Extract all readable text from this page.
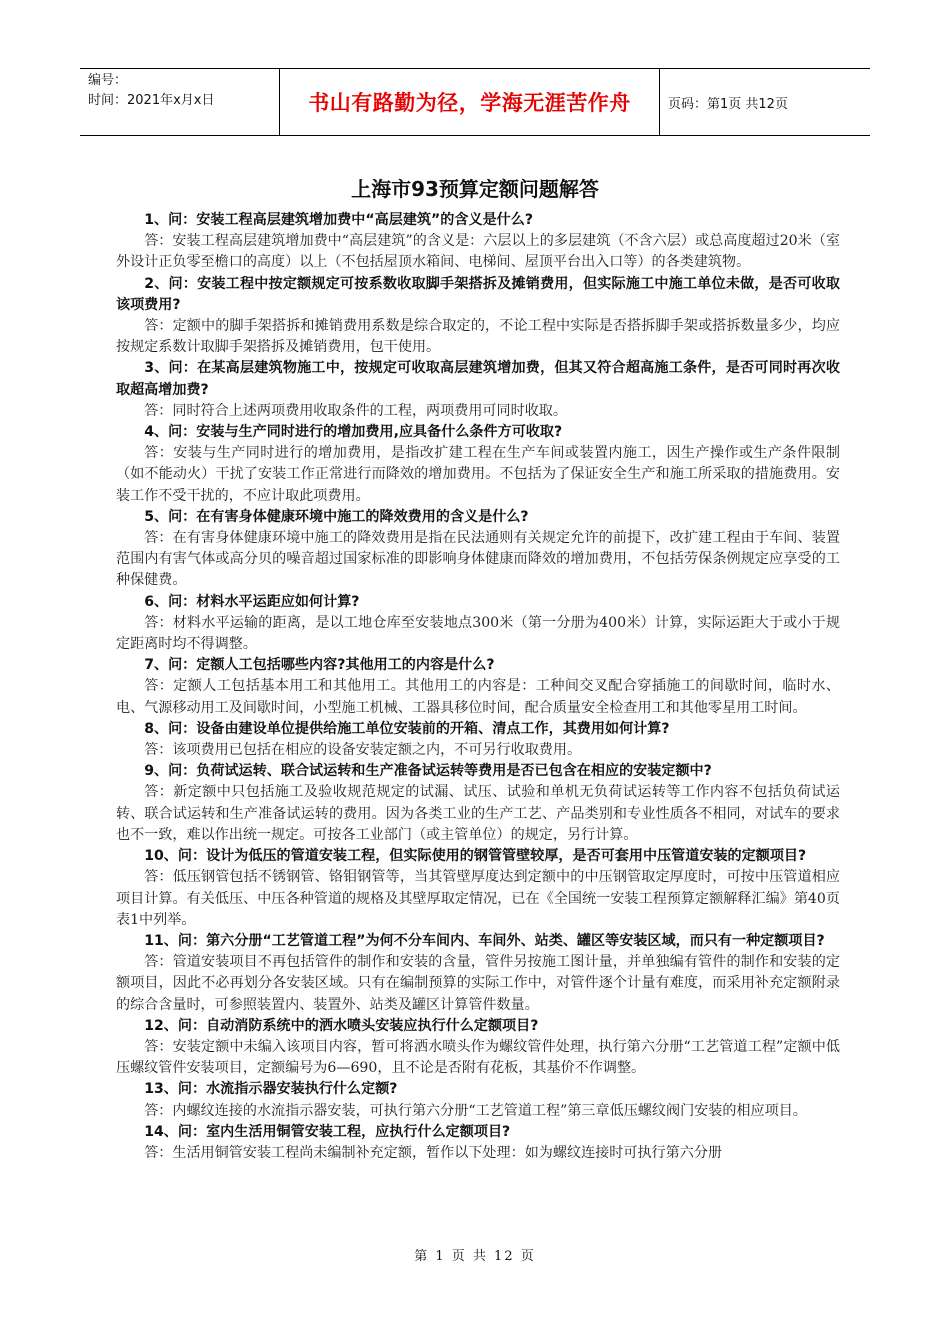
编号：
时间：2021年x月x日	书山有路勤为径，学海无涯苦作舟	页码：第1页 共12页
上海市93预算定额问题解答

1、问：安装工程高层建筑增加费中“高层建筑”的含义是什么?

答：安装工程高层建筑增加费中“高层建筑”的含义是：六层以上的多层建筑（不含六层）或总高度超过20米（室外设计正负零至檐口的高度）以上（不包括屋顶水箱间、电梯间、屋顶平台出入口等）的各类建筑物。

2、问：安装工程中按定额规定可按系数收取脚手架搭拆及摊销费用，但实际施工中施工单位未做，是否可收取该项费用?

答：定额中的脚手架搭拆和摊销费用系数是综合取定的，不论工程中实际是否搭拆脚手架或搭拆数量多少，均应按规定系数计取脚手架搭拆及摊销费用，包干使用。

3、问：在某高层建筑物施工中，按规定可收取高层建筑增加费，但其又符合超高施工条件，是否可同时再次收取超高增加费?

答：同时符合上述两项费用收取条件的工程，两项费用可同时收取。

4、问：安装与生产同时进行的增加费用,应具备什么条件方可收取?

答：安装与生产同时进行的增加费用，是指改扩建工程在生产车间或装置内施工，因生产操作或生产条件限制（如不能动火）干扰了安装工作正常进行而降效的增加费用。不包括为了保证安全生产和施工所采取的措施费用。安装工作不受干扰的，不应计取此项费用。

5、问：在有害身体健康环境中施工的降效费用的含义是什么?

答：在有害身体健康环境中施工的降效费用是指在民法通则有关规定允许的前提下，改扩建工程由于车间、装置范围内有害气体或高分贝的噪音超过国家标准的即影响身体健康而降效的增加费用，不包括劳保条例规定应享受的工种保健费。

6、问：材料水平运距应如何计算?

答：材料水平运输的距离，是以工地仓库至安装地点300米（第一分册为400米）计算，实际运距大于或小于规定距离时均不得调整。

7、问：定额人工包括哪些内容?其他用工的内容是什么?

答：定额人工包括基本用工和其他用工。其他用工的内容是：工种间交叉配合穿插施工的间歇时间，临时水、电、气源移动用工及间歇时间，小型施工机械、工器具移位时间，配合质量安全检查用工和其他零星用工时间。

8、问：设备由建设单位提供给施工单位安装前的开箱、清点工作，其费用如何计算?

答：该项费用已包括在相应的设备安装定额之内，不可另行收取费用。

9、问：负荷试运转、联合试运转和生产准备试运转等费用是否已包含在相应的安装定额中?

答：新定额中只包括施工及验收规范规定的试漏、试压、试验和单机无负荷试运转等工作内容不包括负荷试运转、联合试运转和生产准备试运转的费用。因为各类工业的生产工艺、产品类别和专业性质各不相同，对试车的要求也不一致，难以作出统一规定。可按各工业部门（或主管单位）的规定，另行计算。

10、问：设计为低压的管道安装工程，但实际使用的钢管管壁较厚，是否可套用中压管道安装的定额项目?

答：低压钢管包括不锈钢管、铬钼钢管等，当其管壁厚度达到定额中的中压钢管取定厚度时，可按中压管道相应项目计算。有关低压、中压各种管道的规格及其壁厚取定情况，已在《全国统一安装工程预算定额解释汇编》第40页表1中列举。

11、问：第六分册“工艺管道工程”为何不分车间内、车间外、站类、罐区等安装区域，而只有一种定额项目?

答：管道安装项目不再包括管件的制作和安装的含量，管件另按施工图计量，并单独编有管件的制作和安装的定额项目，因此不必再划分各安装区域。只有在编制预算的实际工作中，对管件逐个计量有难度，而采用补充定额附录的综合含量时，可参照装置内、装置外、站类及罐区计算管件数量。

12、问：自动消防系统中的洒水喷头安装应执行什么定额项目?

答：安装定额中未编入该项目内容，暂可将洒水喷头作为螺纹管件处理，执行第六分册“工艺管道工程”定额中低压螺纹管件安装项目，定额编号为6—690，且不论是否附有花板，其基价不作调整。

13、问：水流指示器安装执行什么定额?

答：内螺纹连接的水流指示器安装，可执行第六分册“工艺管道工程”第三章低压螺纹阀门安装的相应项目。

14、问：室内生活用铜管安装工程，应执行什么定额项目?

答：生活用铜管安装工程尚未编制补充定额，暂作以下处理：如为螺纹连接时可执行第六分册

第 1 页 共 12 页
